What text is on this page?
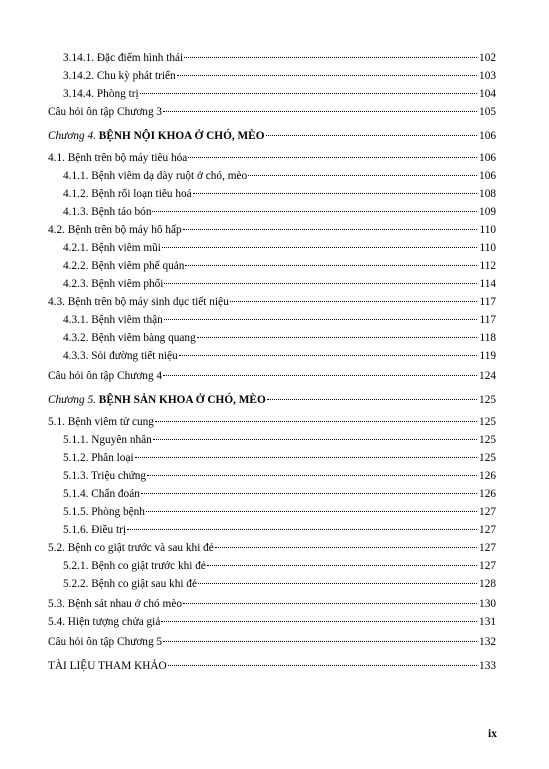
3.14.1. Đặc điểm hình thái	102
3.14.2. Chu kỳ phát triển	103
3.14.4. Phòng trị	104
Câu hỏi ôn tập Chương 3	105
Chương 4. BỆNH NỘI KHOA Ở CHÓ, MÈO	106
4.1. Bệnh trên bộ máy tiêu hóa	106
4.1.1. Bệnh viêm dạ dày ruột ở chó, mèo	106
4.1.2. Bệnh rối loạn tiêu hoá	108
4.1.3. Bệnh táo bón	109
4.2. Bệnh trên bộ máy hô hấp	110
4.2.1. Bệnh viêm mũi	110
4.2.2. Bệnh viêm phế quản	112
4.2.3. Bệnh viêm phổi	114
4.3. Bệnh trên bộ máy sinh dục tiết niệu	117
4.3.1. Bệnh viêm thận	117
4.3.2. Bệnh viêm bàng quang	118
4.3.3. Sỏi đường tiết niệu	119
Câu hỏi ôn tập Chương 4	124
Chương 5. BỆNH SẢN KHOA Ở CHÓ, MÈO	125
5.1. Bệnh viêm tử cung	125
5.1.1. Nguyên nhân	125
5.1.2. Phân loại	125
5.1.3. Triệu chứng	126
5.1.4. Chẩn đoán	126
5.1.5. Phòng bệnh	127
5.1.6. Điều trị	127
5.2. Bệnh co giật trước và sau khi đẻ	127
5.2.1. Bệnh co giật trước khi đẻ	127
5.2.2. Bệnh co giật sau khi đẻ	128
5.3. Bệnh sát nhau ở chó mèo	130
5.4. Hiện tượng chửa giả	131
Câu hỏi ôn tập Chương 5	132
TÀI LIỆU THAM KHẢO	133
ix
